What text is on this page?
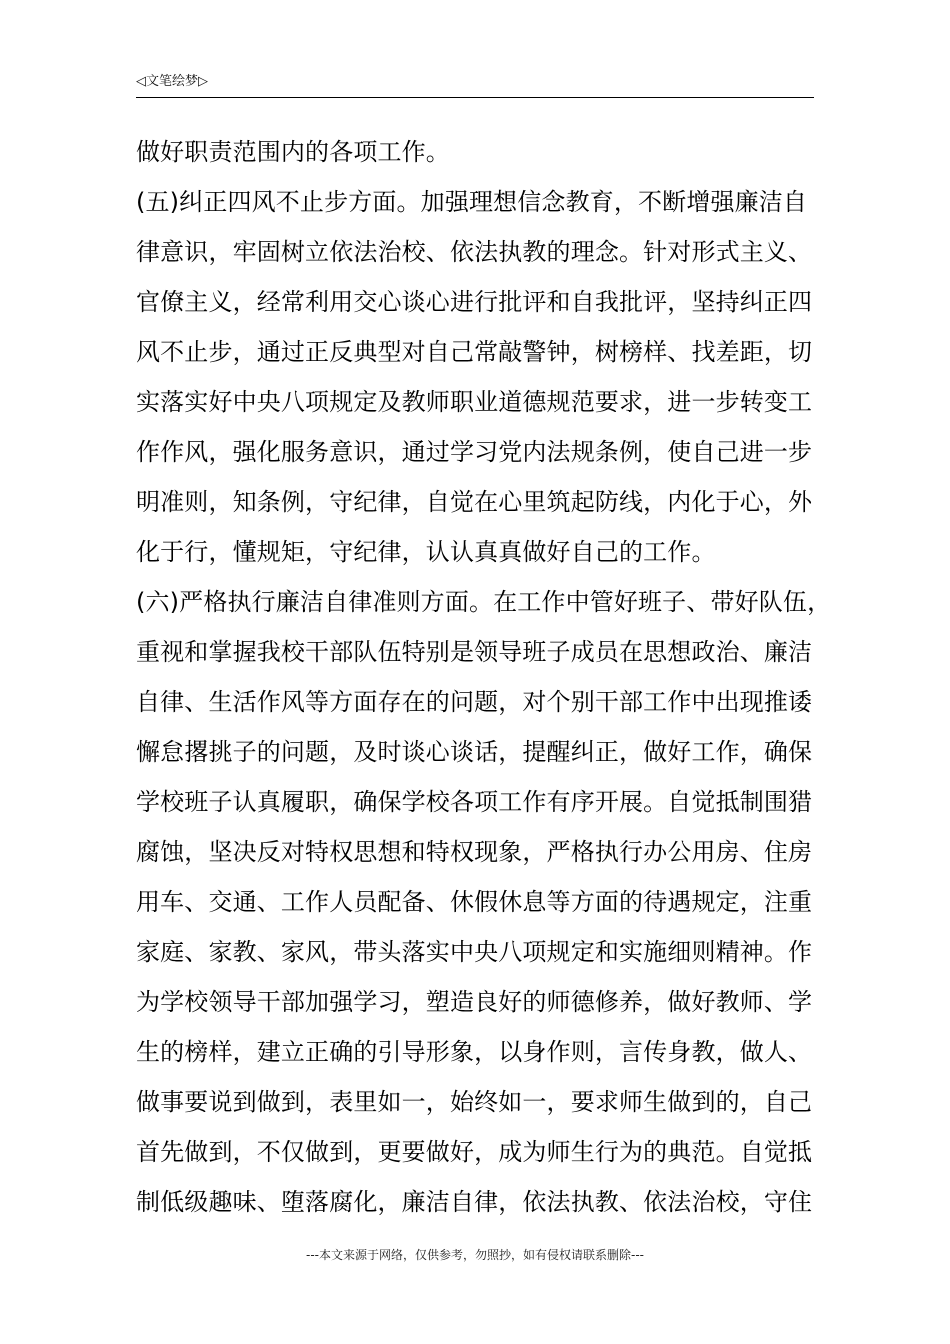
◁文笔绘梦▷
做好职责范围内的各项工作。
(五)纠正四风不止步方面。加强理想信念教育，不断增强廉洁自
律意识，牢固树立依法治校、依法执教的理念。针对形式主义、
官僚主义，经常利用交心谈心进行批评和自我批评，坚持纠正四
风不止步，通过正反典型对自己常敲警钟，树榜样、找差距，切
实落实好中央八项规定及教师职业道德规范要求，进一步转变工
作作风，强化服务意识，通过学习党内法规条例，使自己进一步
明准则，知条例，守纪律，自觉在心里筑起防线，内化于心，外
化于行，懂规矩，守纪律，认认真真做好自己的工作。
(六)严格执行廉洁自律准则方面。在工作中管好班子、带好队伍，
重视和掌握我校干部队伍特别是领导班子成员在思想政治、廉洁
自律、生活作风等方面存在的问题，对个别干部工作中出现推诿
懈怠撂挑子的问题，及时谈心谈话，提醒纠正，做好工作，确保
学校班子认真履职，确保学校各项工作有序开展。自觉抵制围猎
腐蚀，坚决反对特权思想和特权现象，严格执行办公用房、住房
用车、交通、工作人员配备、休假休息等方面的待遇规定，注重
家庭、家教、家风，带头落实中央八项规定和实施细则精神。作
为学校领导干部加强学习，塑造良好的师德修养，做好教师、学
生的榜样，建立正确的引导形象，以身作则，言传身教，做人、
做事要说到做到，表里如一，始终如一，要求师生做到的，自己
首先做到，不仅做到，更要做好，成为师生行为的典范。自觉抵
制低级趣味、堕落腐化，廉洁自律，依法执教、依法治校，守住
---本文来源于网络，仅供参考，勿照抄，如有侵权请联系删除---
